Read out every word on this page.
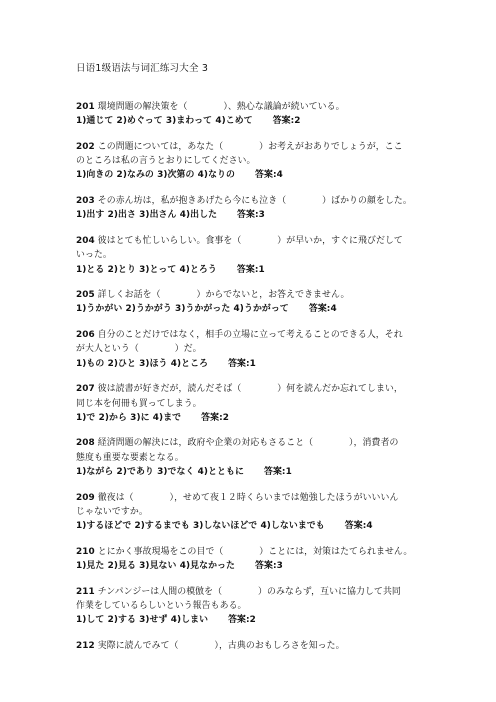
日语1级语法与词汇练习大全 3
201 環境問題の解決策を（　　　　）、熱心な議論が続いている。
1)通じて 2)めぐって 3)まわって 4)こめて 答案:2
202 この問題については，あなた（　　　　）お考えがおありでしょうが，ここ
のところは私の言うとおりにしてください。
1)向きの 2)なみの 3)次第の 4)なりの 答案:4
203 その赤ん坊は，私が抱きあげたら今にも泣き（　　　　）ばかりの顔をした。
1)出す 2)出さ 3)出さん 4)出した 答案:3
204 彼はとても忙しいらしい。食事を（　　　　）が早いか，すぐに飛びだして
いった。
1)とる 2)とり 3)とって 4)とろう 答案:1
205 詳しくお話を（　　　　）からでないと，お答えできません。
1)うかがい 2)うかがう 3)うかがった 4)うかがって 答案:4
206 自分のことだけではなく，相手の立場に立って考えることのできる人，それ
が大人という（　　　　）だ。
1)もの 2)ひと 3)ほう 4)ところ 答案:1
207 彼は読書が好きだが，読んだそば（　　　　）何を読んだか忘れてしまい，
同じ本を何冊も買ってしまう。
1)で 2)から 3)に 4)まで 答案:2
208 経済問題の解決には，政府や企業の対応もさること（　　　　），消費者の
態度も重要な要素となる。
1)ながら 2)であり 3)でなく 4)とともに 答案:1
209 徹夜は（　　　　），せめて夜１２時くらいまでは勉強したほうがいいいん
じゃないですか。
1)するほどで 2)するまでも 3)しないほどで 4)しないまでも 答案:4
210 とにかく事故現場をこの目で（　　　　）ことには，対策はたてられません。
1)見た 2)見る 3)見ない 4)見なかった 答案:3
211 チンパンジーは人間の模倣を（　　　　）のみならず，互いに協力して共同
作業をしているらしいという報告もある。
1)して 2)する 3)せず 4)しまい 答案:2
212 実際に読んでみて（　　　　），古典のおもしろさを知った。
